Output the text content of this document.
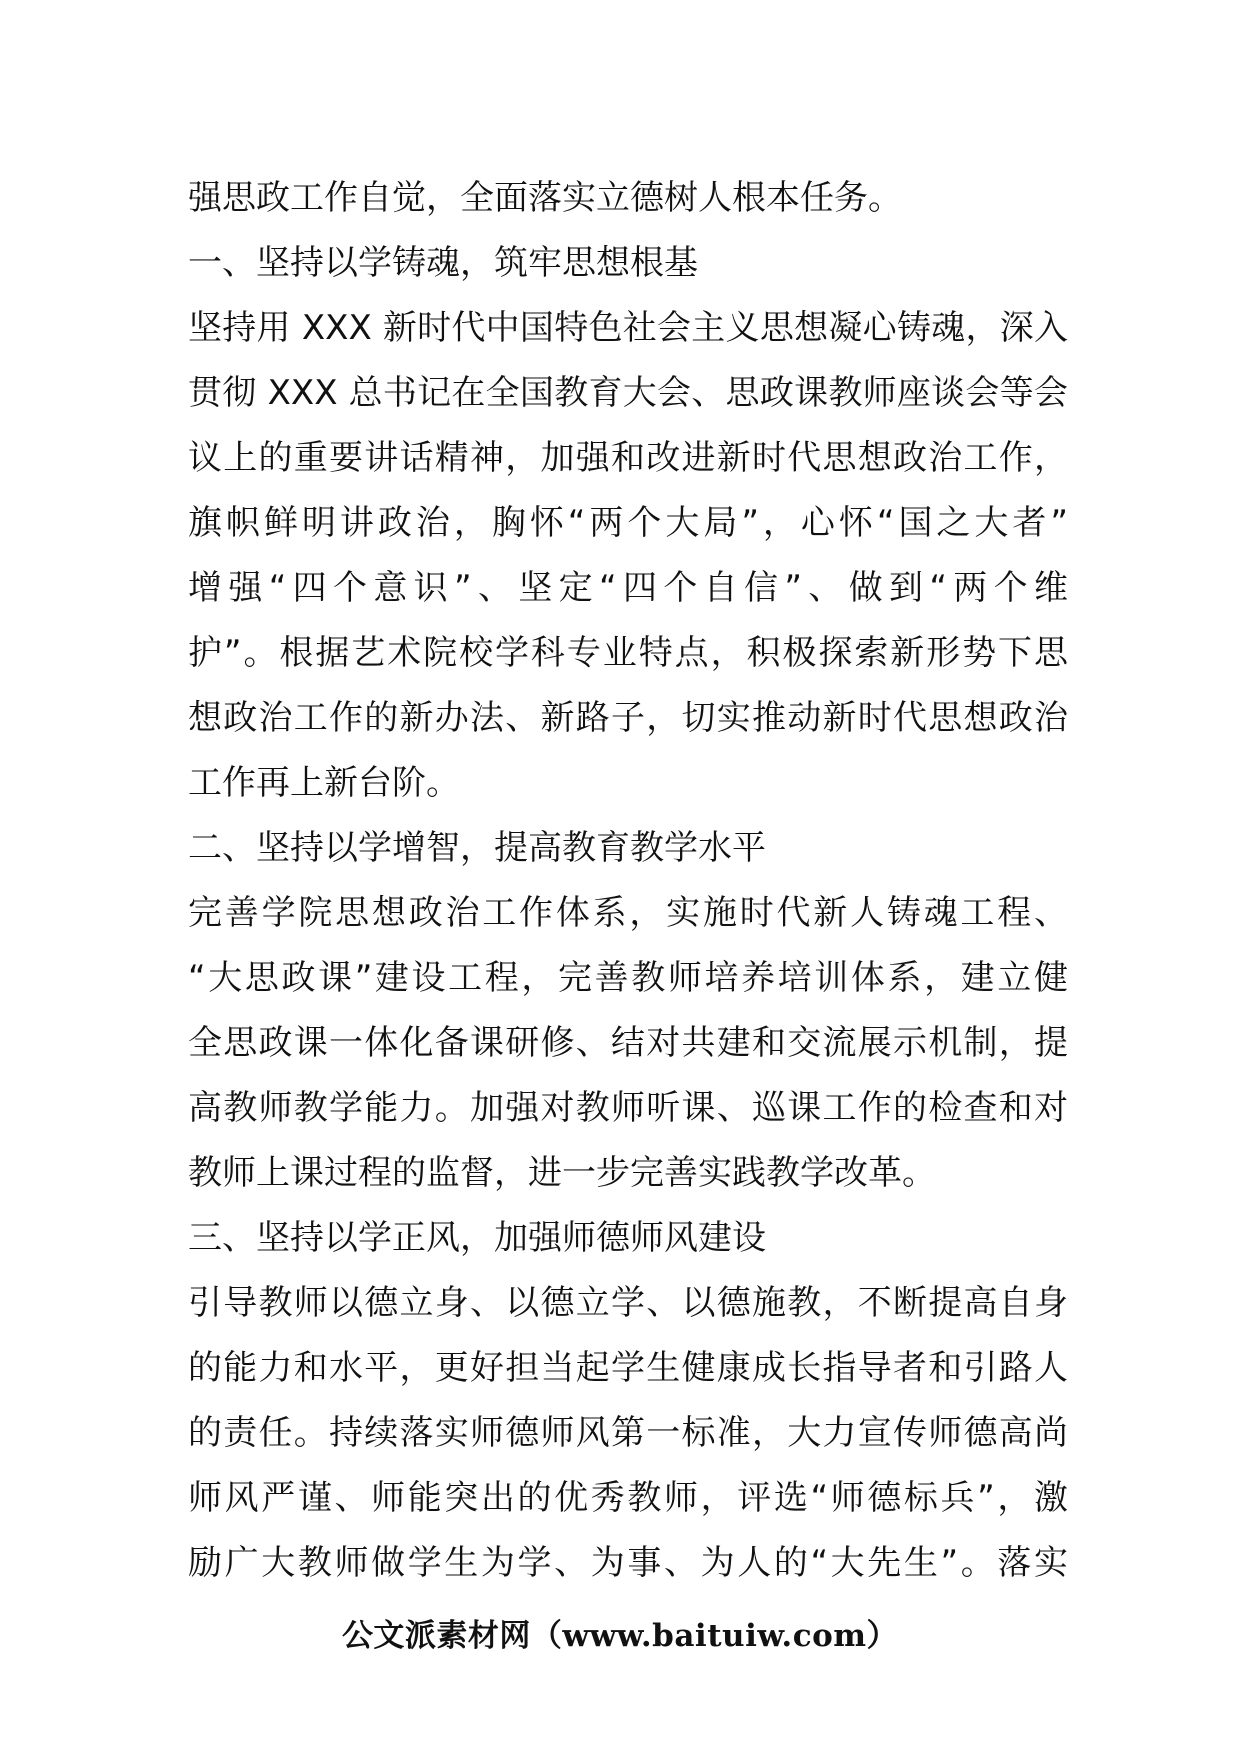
强思政工作自觉，全面落实立德树人根本任务。
一、坚持以学铸魂，筑牢思想根基
坚持用 XXX 新时代中国特色社会主义思想凝心铸魂，深入
贯彻 XXX 总书记在全国教育大会、思政课教师座谈会等会
议上的重要讲话精神，加强和改进新时代思想政治工作，
旗帜鲜明讲政治，胸怀“两个大局”，心怀“国之大者”
增强“四个意识”、坚定“四个自信”、做到“两个维
护”。根据艺术院校学科专业特点，积极探索新形势下思
想政治工作的新办法、新路子，切实推动新时代思想政治
工作再上新台阶。
二、坚持以学增智，提高教育教学水平
完善学院思想政治工作体系，实施时代新人铸魂工程、
“大思政课”建设工程，完善教师培养培训体系，建立健
全思政课一体化备课研修、结对共建和交流展示机制，提
高教师教学能力。加强对教师听课、巡课工作的检查和对
教师上课过程的监督，进一步完善实践教学改革。
三、坚持以学正风，加强师德师风建设
引导教师以德立身、以德立学、以德施教，不断提高自身
的能力和水平，更好担当起学生健康成长指导者和引路人
的责任。持续落实师德师风第一标准，大力宣传师德高尚
师风严谨、师能突出的优秀教师，评选“师德标兵”，激
励广大教师做学生为学、为事、为人的“大先生”。落实
公文派素材网（www.baituiw.com）
